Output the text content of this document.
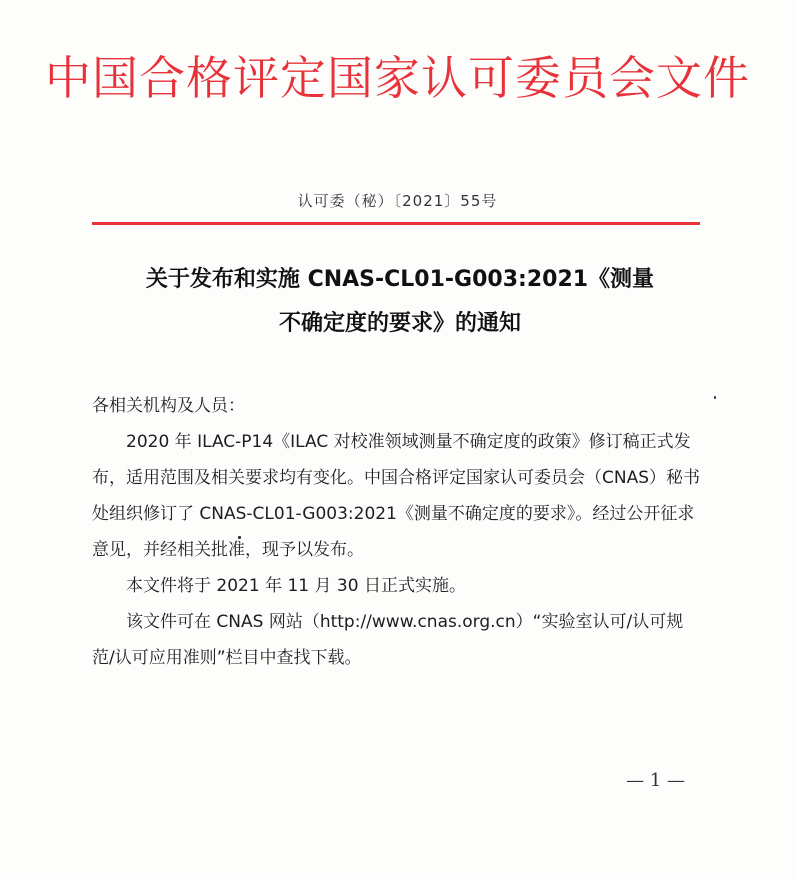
中国合格评定国家认可委员会文件
认可委（秘）〔2021〕55号
关于发布和实施 CNAS-CL01-G003:2021《测量
不确定度的要求》的通知

各相关机构及人员：

2020 年 ILAC-P14《ILAC 对校准领域测量不确定度的政策》修订稿正式发布，适用范围及相关要求均有变化。中国合格评定国家认可委员会（CNAS）秘书处组织修订了 CNAS-CL01-G003:2021《测量不确定度的要求》。经过公开征求意见，并经相关批准，现予以发布。

本文件将于 2021 年 11 月 30 日正式实施。

该文件可在 CNAS 网站（http://www.cnas.org.cn）“实验室认可/认可规范/认可应用准则”栏目中查找下载。

— 1 —
